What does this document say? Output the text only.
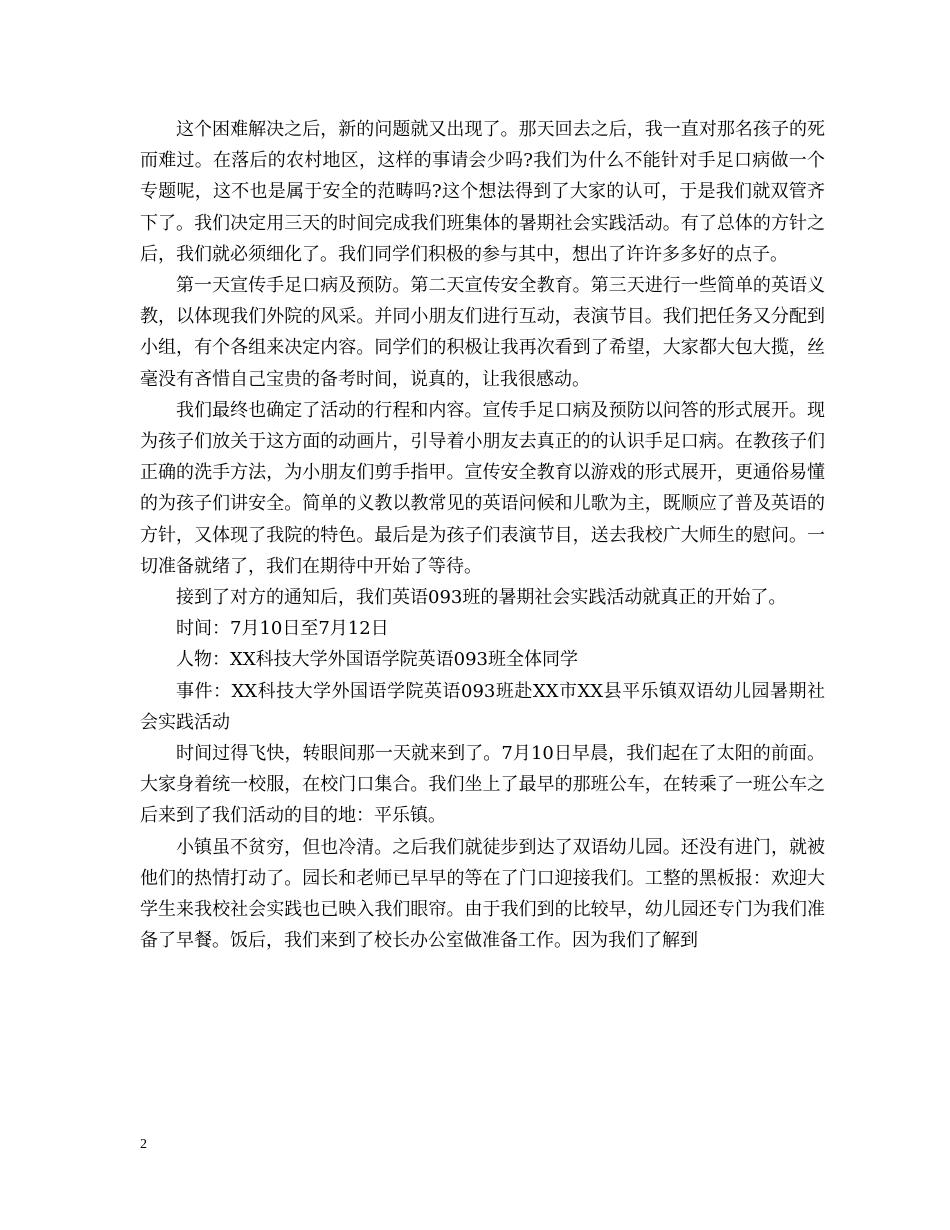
这个困难解决之后，新的问题就又出现了。那天回去之后，我一直对那名孩子的死而难过。在落后的农村地区，这样的事请会少吗?我们为什么不能针对手足口病做一个专题呢，这不也是属于安全的范畴吗?这个想法得到了大家的认可，于是我们就双管齐下了。我们决定用三天的时间完成我们班集体的暑期社会实践活动。有了总体的方针之后，我们就必须细化了。我们同学们积极的参与其中，想出了许许多多好的点子。

第一天宣传手足口病及预防。第二天宣传安全教育。第三天进行一些简单的英语义教，以体现我们外院的风采。并同小朋友们进行互动，表演节目。我们把任务又分配到小组，有个各组来决定内容。同学们的积极让我再次看到了希望，大家都大包大揽，丝毫没有吝惜自己宝贵的备考时间，说真的，让我很感动。

我们最终也确定了活动的行程和内容。宣传手足口病及预防以问答的形式展开。现为孩子们放关于这方面的动画片，引导着小朋友去真正的的认识手足口病。在教孩子们正确的洗手方法，为小朋友们剪手指甲。宣传安全教育以游戏的形式展开，更通俗易懂的为孩子们讲安全。简单的义教以教常见的英语问候和儿歌为主，既顺应了普及英语的方针，又体现了我院的特色。最后是为孩子们表演节目，送去我校广大师生的慰问。一切准备就绪了，我们在期待中开始了等待。

接到了对方的通知后，我们英语093班的暑期社会实践活动就真正的开始了。

时间：7月10日至7月12日

人物：XX科技大学外国语学院英语093班全体同学

事件：XX科技大学外国语学院英语093班赴XX市XX县平乐镇双语幼儿园暑期社会实践活动

时间过得飞快，转眼间那一天就来到了。7月10日早晨，我们起在了太阳的前面。大家身着统一校服，在校门口集合。我们坐上了最早的那班公车，在转乘了一班公车之后来到了我们活动的目的地：平乐镇。

小镇虽不贫穷，但也冷清。之后我们就徒步到达了双语幼儿园。还没有进门，就被他们的热情打动了。园长和老师已早早的等在了门口迎接我们。工整的黑板报：欢迎大学生来我校社会实践也已映入我们眼帘。由于我们到的比较早，幼儿园还专门为我们准备了早餐。饭后，我们来到了校长办公室做准备工作。因为我们了解到

2
